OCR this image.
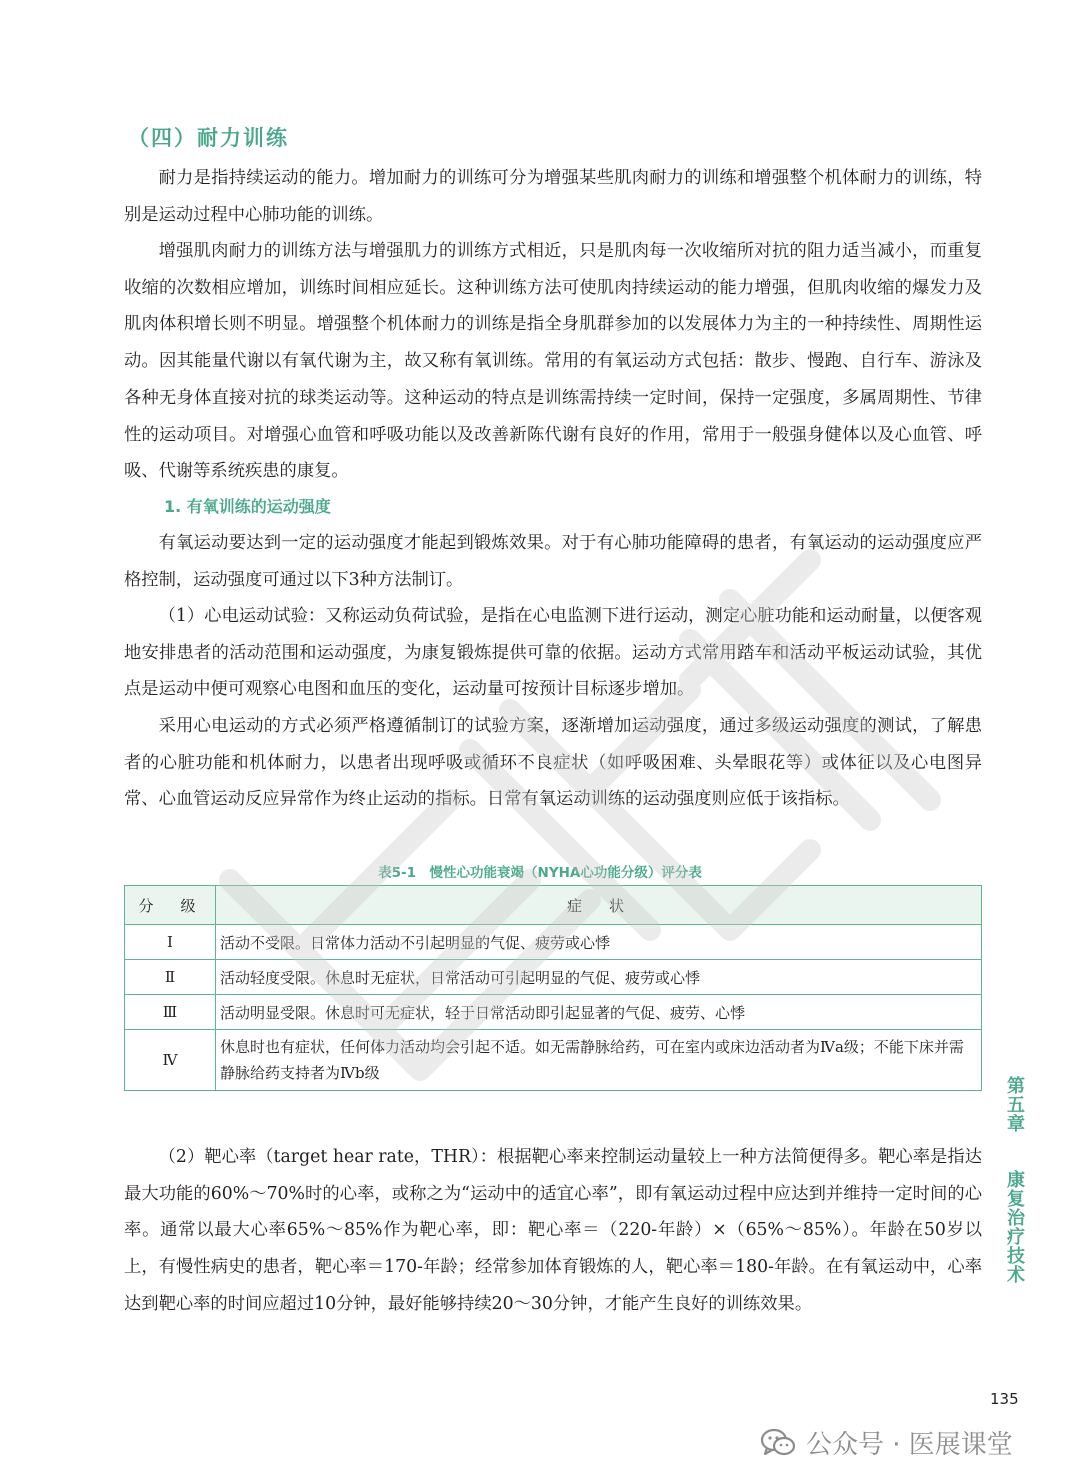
（四）耐力训练

耐力是指持续运动的能力。增加耐力的训练可分为增强某些肌肉耐力的训练和增强整个机体耐力的训练，特别是运动过程中心肺功能的训练。

增强肌肉耐力的训练方法与增强肌力的训练方式相近，只是肌肉每一次收缩所对抗的阻力适当减小，而重复收缩的次数相应增加，训练时间相应延长。这种训练方法可使肌肉持续运动的能力增强，但肌肉收缩的爆发力及肌肉体积增长则不明显。增强整个机体耐力的训练是指全身肌群参加的以发展体力为主的一种持续性、周期性运动。因其能量代谢以有氧代谢为主，故又称有氧训练。常用的有氧运动方式包括：散步、慢跑、自行车、游泳及各种无身体直接对抗的球类运动等。这种运动的特点是训练需持续一定时间，保持一定强度，多属周期性、节律性的运动项目。对增强心血管和呼吸功能以及改善新陈代谢有良好的作用，常用于一般强身健体以及心血管、呼吸、代谢等系统疾患的康复。

1. 有氧训练的运动强度

有氧运动要达到一定的运动强度才能起到锻炼效果。对于有心肺功能障碍的患者，有氧运动的运动强度应严格控制，运动强度可通过以下3种方法制订。

（1）心电运动试验：又称运动负荷试验，是指在心电监测下进行运动，测定心脏功能和运动耐量，以便客观地安排患者的活动范围和运动强度，为康复锻炼提供可靠的依据。运动方式常用踏车和活动平板运动试验，其优点是运动中便可观察心电图和血压的变化，运动量可按预计目标逐步增加。

采用心电运动的方式必须严格遵循制订的试验方案，逐渐增加运动强度，通过多级运动强度的测试，了解患者的心脏功能和机体耐力，以患者出现呼吸或循环不良症状（如呼吸困难、头晕眼花等）或体征以及心电图异常、心血管运动反应异常作为终止运动的指标。日常有氧运动训练的运动强度则应低于该指标。

表5-1　慢性心功能衰竭（NYHA心功能分级）评分表

分　级	症　状
Ⅰ	活动不受限。日常体力活动不引起明显的气促、疲劳或心悸
Ⅱ	活动轻度受限。休息时无症状，日常活动可引起明显的气促、疲劳或心悸
Ⅲ	活动明显受限。休息时可无症状，轻于日常活动即引起显著的气促、疲劳、心悸
Ⅳ	休息时也有症状，任何体力活动均会引起不适。如无需静脉给药，可在室内或床边活动者为Ⅳa级；不能下床并需静脉给药支持者为Ⅳb级

（2）靶心率（target hear rate，THR）：根据靶心率来控制运动量较上一种方法简便得多。靶心率是指达最大功能的60%～70%时的心率，或称之为“运动中的适宜心率”，即有氧运动过程中应达到并维持一定时间的心率。通常以最大心率65%～85%作为靶心率，即：靶心率＝（220-年龄）×（65%～85%）。年龄在50岁以上，有慢性病史的患者，靶心率＝170-年龄；经常参加体育锻炼的人，靶心率＝180-年龄。在有氧运动中，心率达到靶心率的时间应超过10分钟，最好能够持续20～30分钟，才能产生良好的训练效果。

第五章
康复治疗技术

135

公众号 · 医展课堂
